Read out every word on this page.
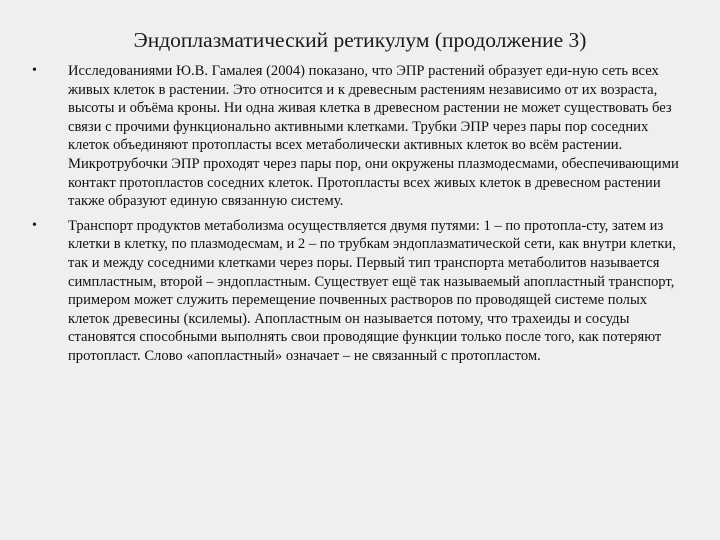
Эндоплазматический ретикулум (продолжение 3)
•	Исследованиями Ю.В. Гамалея (2004) показано, что ЭПР растений образует еди-ную сеть всех живых клеток в растении. Это относится и к древесным растениям независимо от их возраста, высоты и объёма кроны. Ни одна живая клетка в древесном растении не может существовать без связи с прочими функционально активными клетками. Трубки ЭПР через пары пор соседних клеток объединяют протопласты всех метаболически активных клеток во всём растении. Микротрубочки ЭПР проходят через пары пор, они окружены плазмодесмами, обеспечивающими контакт протопластов соседних клеток. Протопласты всех живых клеток в древесном растении также образуют единую связанную систему.
•	Транспорт продуктов метаболизма осуществляется двумя путями: 1 – по протопла-сту, затем из клетки в клетку, по плазмодесмам, и 2 – по трубкам эндоплазматической сети, как внутри клетки, так и между соседними клетками через поры. Первый тип транспорта метаболитов называется симпластным, второй – эндопластным. Существует ещё так называемый апопластный транспорт, примером может служить перемещение почвенных растворов по проводящей системе полых клеток древесины (ксилемы). Апопластным он называется потому, что трахеиды и сосуды становятся способными выполнять свои проводящие функции только после того, как потеряют протопласт. Слово «апопластный» означает – не связанный с протопластом.
